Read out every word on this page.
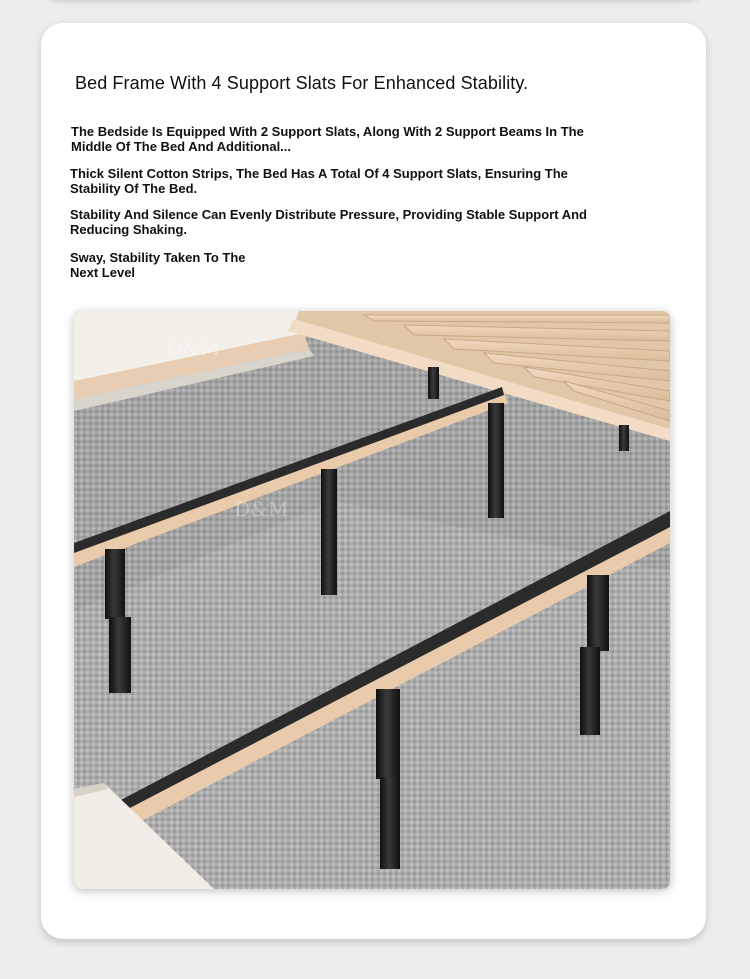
Bed Frame With 4 Support Slats For Enhanced Stability.

The Bedside Is Equipped With 2 Support Slats, Along With 2 Support Beams In The Middle Of The Bed And Additional...

Thick Silent Cotton Strips, The Bed Has A Total Of 4 Support Slats, Ensuring The Stability Of The Bed.

Stability And Silence Can Evenly Distribute Pressure, Providing Stable Support And Reducing Shaking.

Sway, Stability Taken To The Next Level

D&M
D&M
